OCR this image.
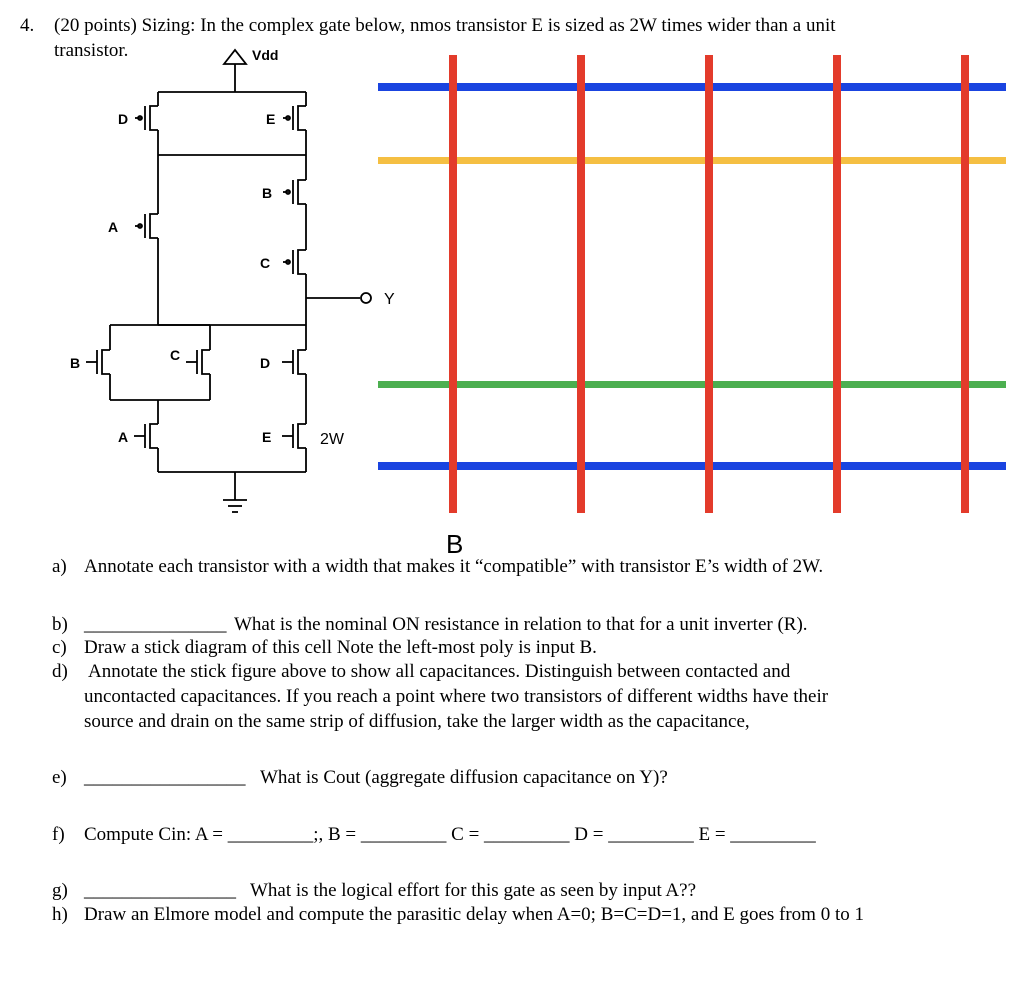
4. (20 points) Sizing: In the complex gate below, nmos transistor E is sized as 2W times wider than a unit
transistor.	Vdd
D	E
B
A
C
Y
B	C	D
A	E	2W
B
a) Annotate each transistor with a width that makes it “compatible” with transistor E’s width of 2W.
b) _______________ What is the nominal ON resistance in relation to that for a unit inverter (R).
c) Draw a stick diagram of this cell Note the left-most poly is input B.
d) Annotate the stick figure above to show all capacitances. Distinguish between contacted and
uncontacted capacitances. If you reach a point where two transistors of different widths have their
source and drain on the same strip of diffusion, take the larger width as the capacitance,
e) _________________ What is Cout (aggregate diffusion capacitance on Y)?
f) Compute Cin: A = _________;, B = _________ C = _________ D = _________ E = _________
g) ________________ What is the logical effort for this gate as seen by input A??
h) Draw an Elmore model and compute the parasitic delay when A=0; B=C=D=1, and E goes from 0 to 1
